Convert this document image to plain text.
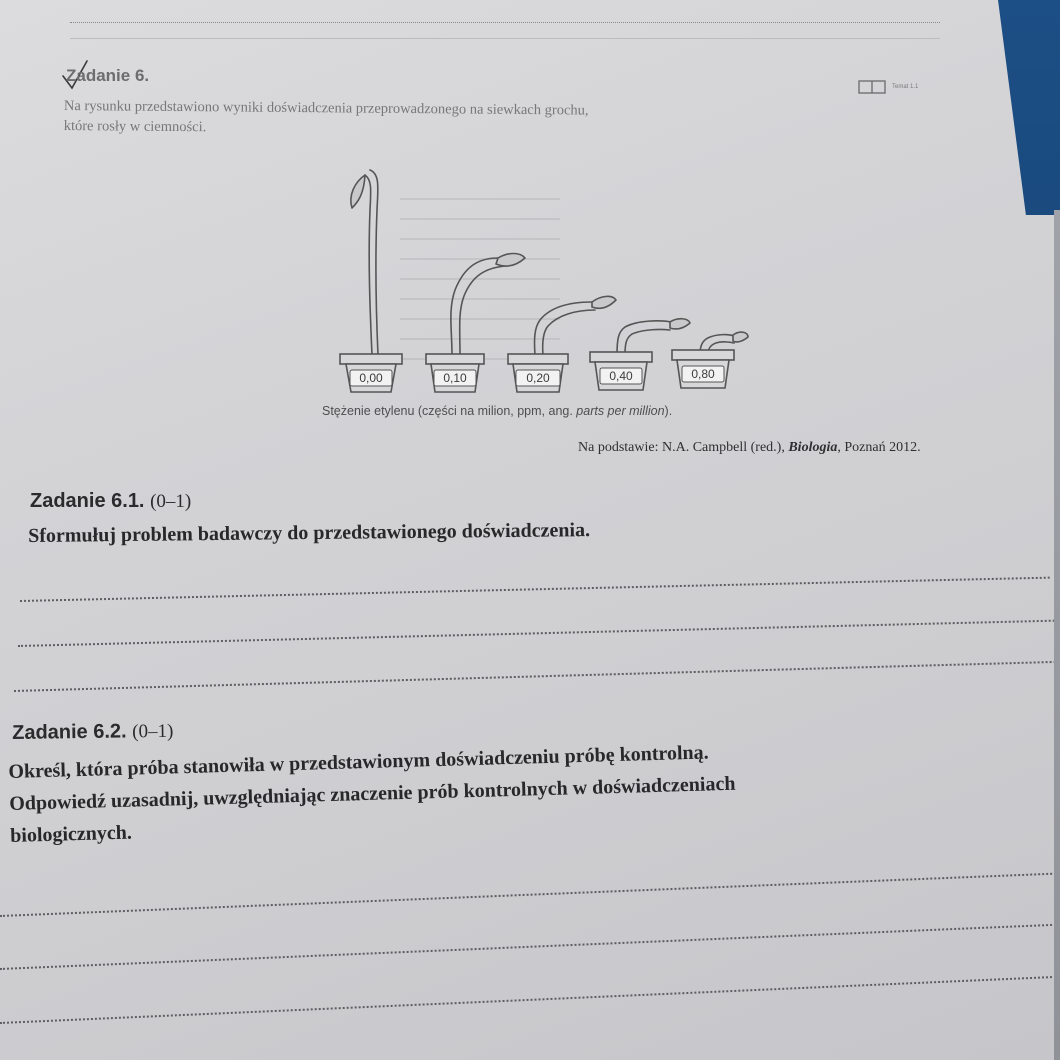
Zadanie 6.
Temat 1.1
Na rysunku przedstawiono wyniki doświadczenia przeprowadzonego na siewkach grochu,
które rosły w ciemności.
0,00	0,10	0,20	0,40	0,80
Stężenie etylenu (części na milion, ppm, ang. parts per million).
Na podstawie: N.A. Campbell (red.), Biologia, Poznań 2012.
Zadanie 6.1. (0–1)
Sformułuj problem badawczy do przedstawionego doświadczenia.
Zadanie 6.2. (0–1)
Określ, która próba stanowiła w przedstawionym doświadczeniu próbę kontrolną.
Odpowiedź uzasadnij, uwzględniając znaczenie prób kontrolnych w doświadczeniach
biologicznych.
